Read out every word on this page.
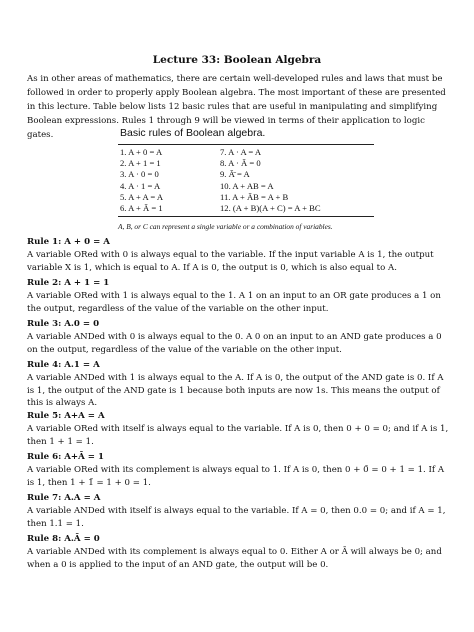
Lecture 33: Boolean Algebra

As in other areas of mathematics, there are certain well-developed rules and laws that must be followed in order to properly apply Boolean algebra. The most important of these are presented in this lecture. Table below lists 12 basic rules that are useful in manipulating and simplifying Boolean expressions. Rules 1 through 9 will be viewed in terms of their application to logic gates.	Basic rules of Boolean algebra.
1. A + 0 = A	7. A · A = A
2. A + 1 = 1	8. A · Ā = 0
3. A · 0 = 0	9. Ā̄ = A
4. A · 1 = A	10. A + AB = A
5. A + A = A	11. A + ĀB = A + B
6. A + Ā = 1	12. (A + B)(A + C) = A + BC
A, B, or C can represent a single variable or a combination of variables.
Rule 1: A + 0 = A

A variable ORed with 0 is always equal to the variable. If the input variable A is 1, the output variable X is 1, which is equal to A. If A is 0, the output is 0, which is also equal to A.

Rule 2: A + 1 = 1

A variable ORed with 1 is always equal to the 1. A 1 on an input to an OR gate produces a 1 on the output, regardless of the value of the variable on the other input.

Rule 3: A.0 = 0

A variable ANDed with 0 is always equal to the 0. A 0 on an input to an AND gate produces a 0 on the output, regardless of the value of the variable on the other input.

Rule 4: A.1 = A

A variable ANDed with 1 is always equal to the A. If A is 0, the output of the AND gate is 0. If A is 1, the output of the AND gate is 1 because both inputs are now 1s. This means the output of this is always A.

Rule 5: A+A = A

A variable ORed with itself is always equal to the variable. If A is 0, then 0 + 0 = 0; and if A is 1, then 1 + 1 = 1.

Rule 6: A+Ā = 1

A variable ORed with its complement is always equal to 1. If A is 0, then 0 + 0̄ = 0 + 1 = 1. If A is 1, then 1 + 1̄ = 1 + 0 = 1.

Rule 7: A.A = A

A variable ANDed with itself is always equal to the variable. If A = 0, then 0.0 = 0; and if A = 1, then 1.1 = 1.

Rule 8: A.Ā = 0

A variable ANDed with its complement is always equal to 0. Either A or Ā will always be 0; and when a 0 is applied to the input of an AND gate, the output will be 0.
